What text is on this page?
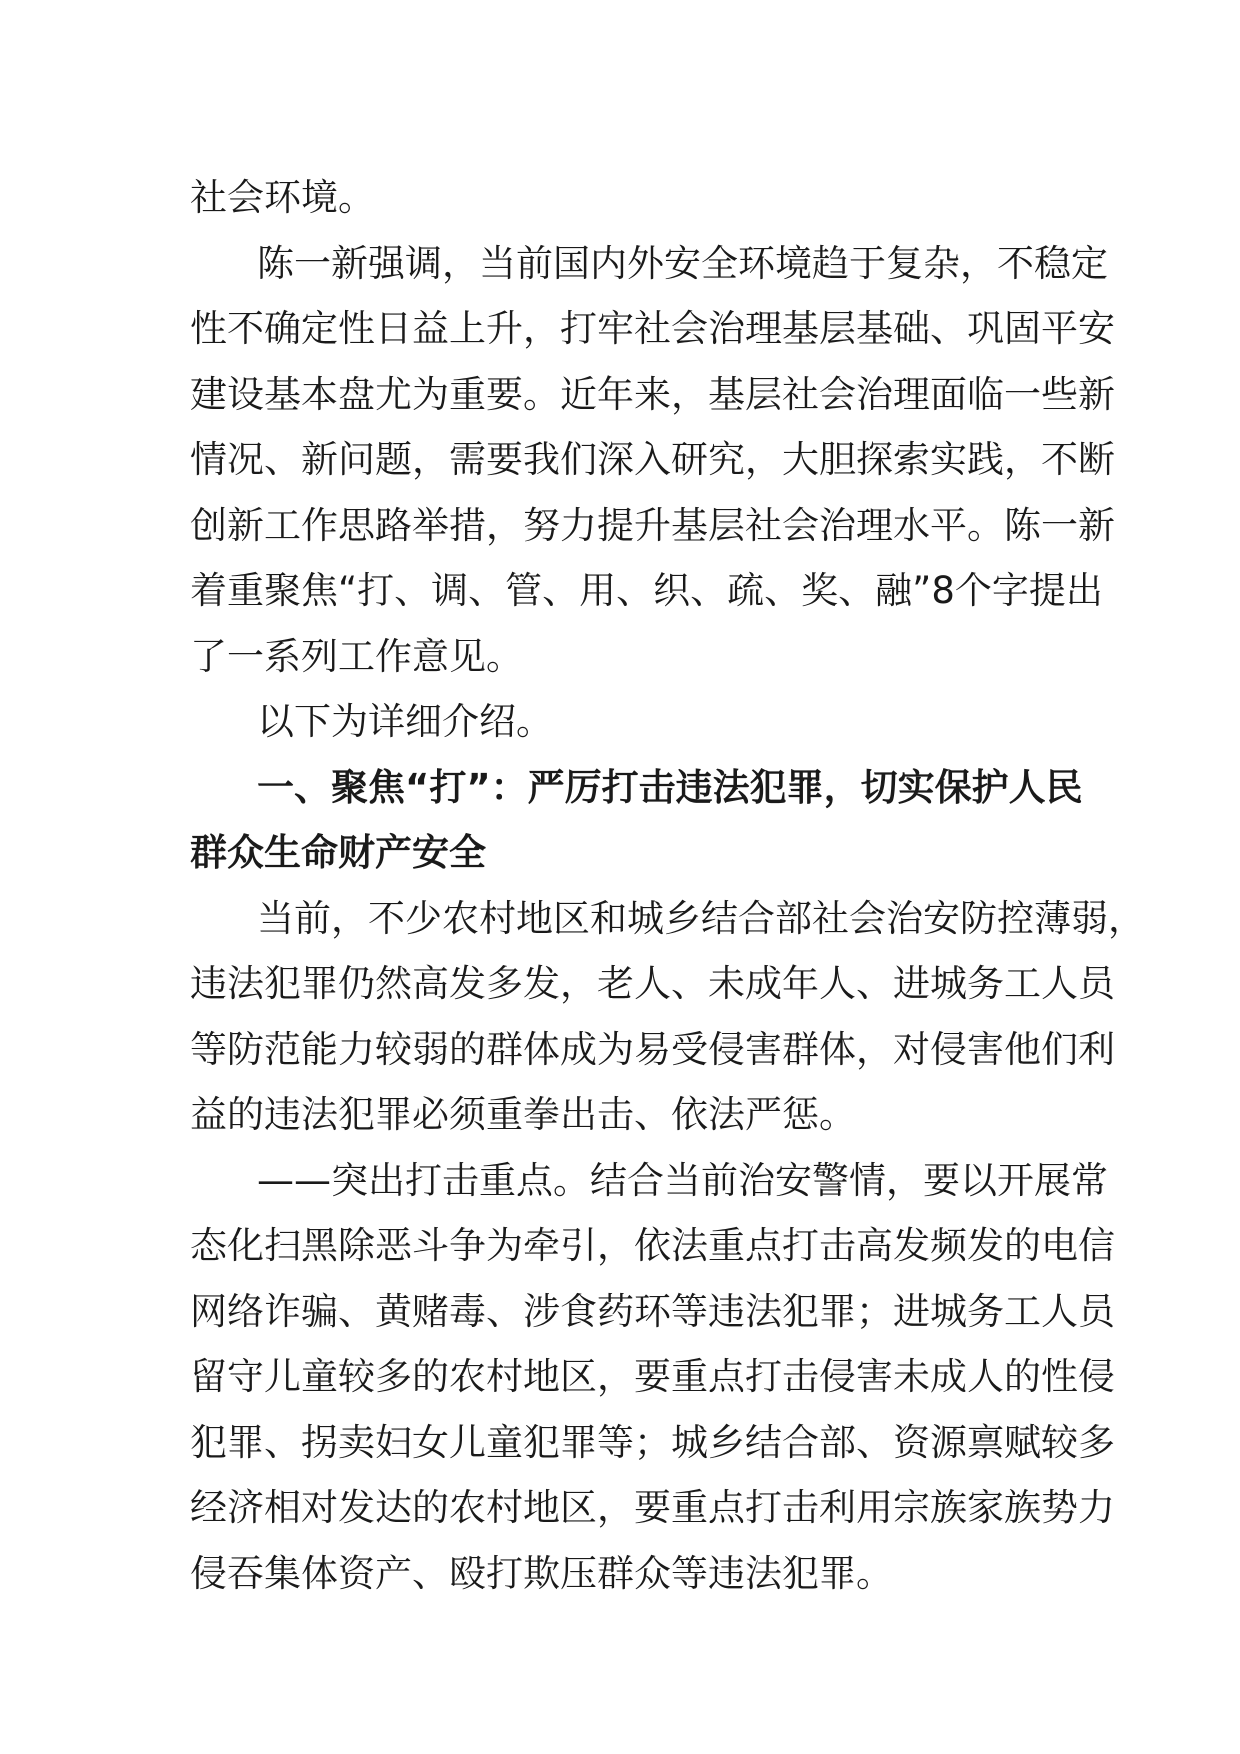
社会环境。
陈一新强调，当前国内外安全环境趋于复杂，不稳定
性不确定性日益上升，打牢社会治理基层基础、巩固平安
建设基本盘尤为重要。近年来，基层社会治理面临一些新
情况、新问题，需要我们深入研究，大胆探索实践，不断
创新工作思路举措，努力提升基层社会治理水平。陈一新
着重聚焦“打、调、管、用、织、疏、奖、融”8个字提出
了一系列工作意见。
以下为详细介绍。
一、聚焦“打”：严厉打击违法犯罪，切实保护人民
群众生命财产安全
当前，不少农村地区和城乡结合部社会治安防控薄弱，
违法犯罪仍然高发多发，老人、未成年人、进城务工人员
等防范能力较弱的群体成为易受侵害群体，对侵害他们利
益的违法犯罪必须重拳出击、依法严惩。
——突出打击重点。结合当前治安警情，要以开展常
态化扫黑除恶斗争为牵引，依法重点打击高发频发的电信
网络诈骗、黄赌毒、涉食药环等违法犯罪；进城务工人员
留守儿童较多的农村地区，要重点打击侵害未成人的性侵
犯罪、拐卖妇女儿童犯罪等；城乡结合部、资源禀赋较多
经济相对发达的农村地区，要重点打击利用宗族家族势力
侵吞集体资产、殴打欺压群众等违法犯罪。
